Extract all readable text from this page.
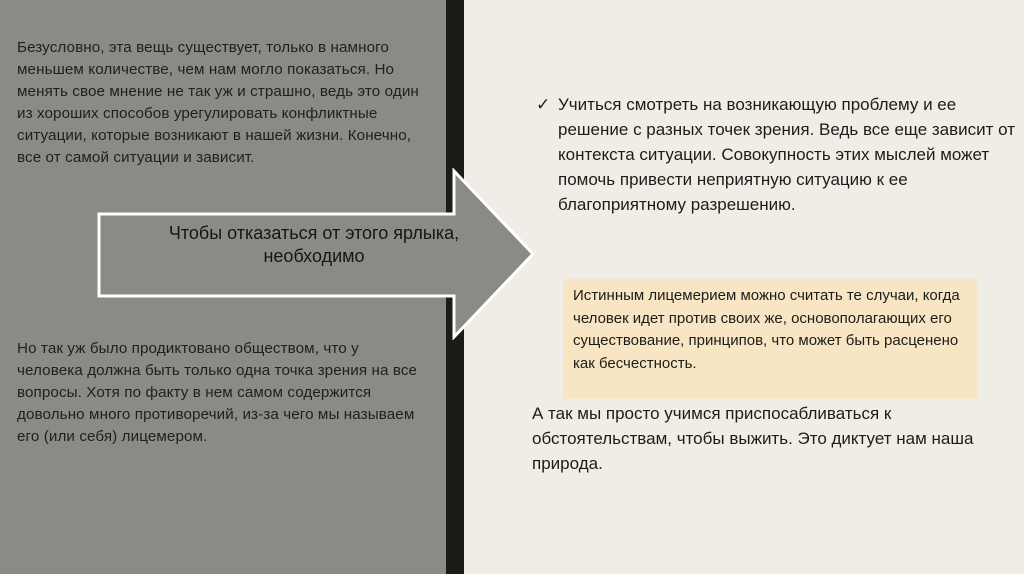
Безусловно, эта вещь существует, только в намного меньшем количестве, чем нам могло показаться. Но менять свое мнение не так уж и страшно, ведь это один из хороших способов урегулировать конфликтные ситуации, которые возникают в нашей жизни. Конечно, все от самой ситуации и зависит.
Чтобы отказаться от этого ярлыка,
необходимо
Но так уж было продиктовано обществом, что у человека должна быть только одна точка зрения на все вопросы. Хотя по факту в нем самом содержится довольно много противоречий, из-за чего мы называем его (или себя) лицемером.
✓ Учиться смотреть на возникающую проблему и ее решение с разных точек зрения. Ведь все еще зависит от контекста ситуации. Совокупность этих мыслей может помочь привести неприятную ситуацию к ее благоприятному разрешению.
Истинным лицемерием можно считать те случаи, когда человек идет против своих же, основополагающих его существование, принципов, что может быть расценено как бесчестность.
А так мы просто учимся приспосабливаться к обстоятельствам, чтобы выжить. Это диктует нам наша природа.
